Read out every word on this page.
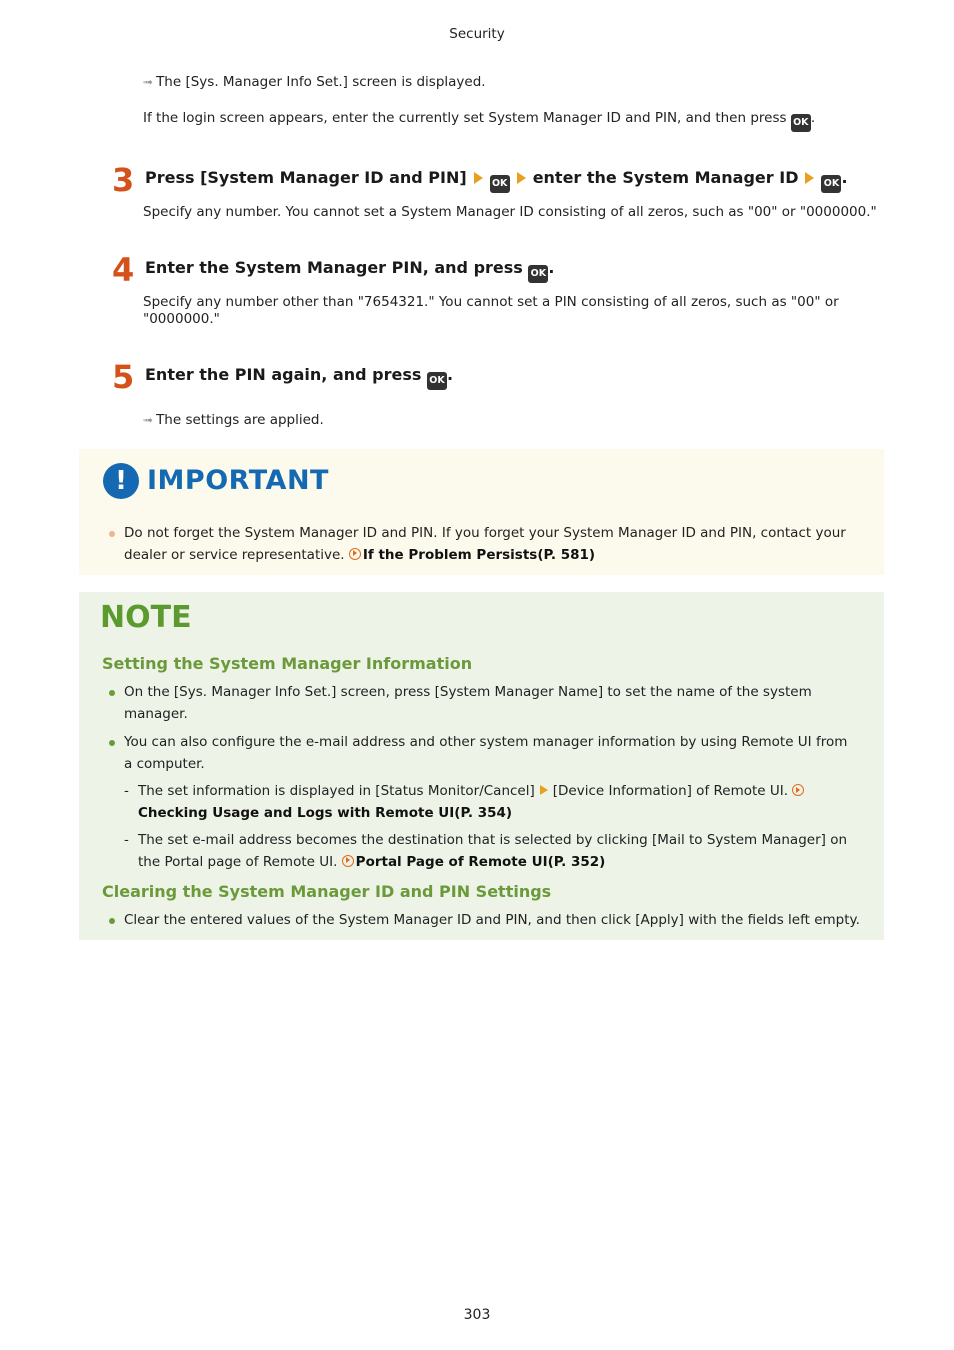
Security
➟ The [Sys. Manager Info Set.] screen is displayed.
If the login screen appears, enter the currently set System Manager ID and PIN, and then press OK .
3 Press [System Manager ID and PIN]	OK enter the System Manager ID	OK .
Specify any number. You cannot set a System Manager ID consisting of all zeros, such as "00" or "0000000."
4 Enter the System Manager PIN, and press OK .
Specify any number other than "7654321." You cannot set a PIN consisting of all zeros, such as "00" or
"0000000."
5 Enter the PIN again, and press OK .
➟ The settings are applied.
! IMPORTANT
Do not forget the System Manager ID and PIN. If you forget your System Manager ID and PIN, contact your
dealer or service representative. If the Problem Persists(P. 581)
NOTE
Setting the System Manager Information
On the [Sys. Manager Info Set.] screen, press [System Manager Name] to set the name of the system
manager.
You can also configure the e-mail address and other system manager information by using Remote UI from
a computer.
- The set information is displayed in [Status Monitor/Cancel] [Device Information] of Remote UI.
Checking Usage and Logs with Remote UI(P. 354)
- The set e-mail address becomes the destination that is selected by clicking [Mail to System Manager] on
the Portal page of Remote UI. Portal Page of Remote UI(P. 352)
Clearing the System Manager ID and PIN Settings
Clear the entered values of the System Manager ID and PIN, and then click [Apply] with the fields left empty.
303
